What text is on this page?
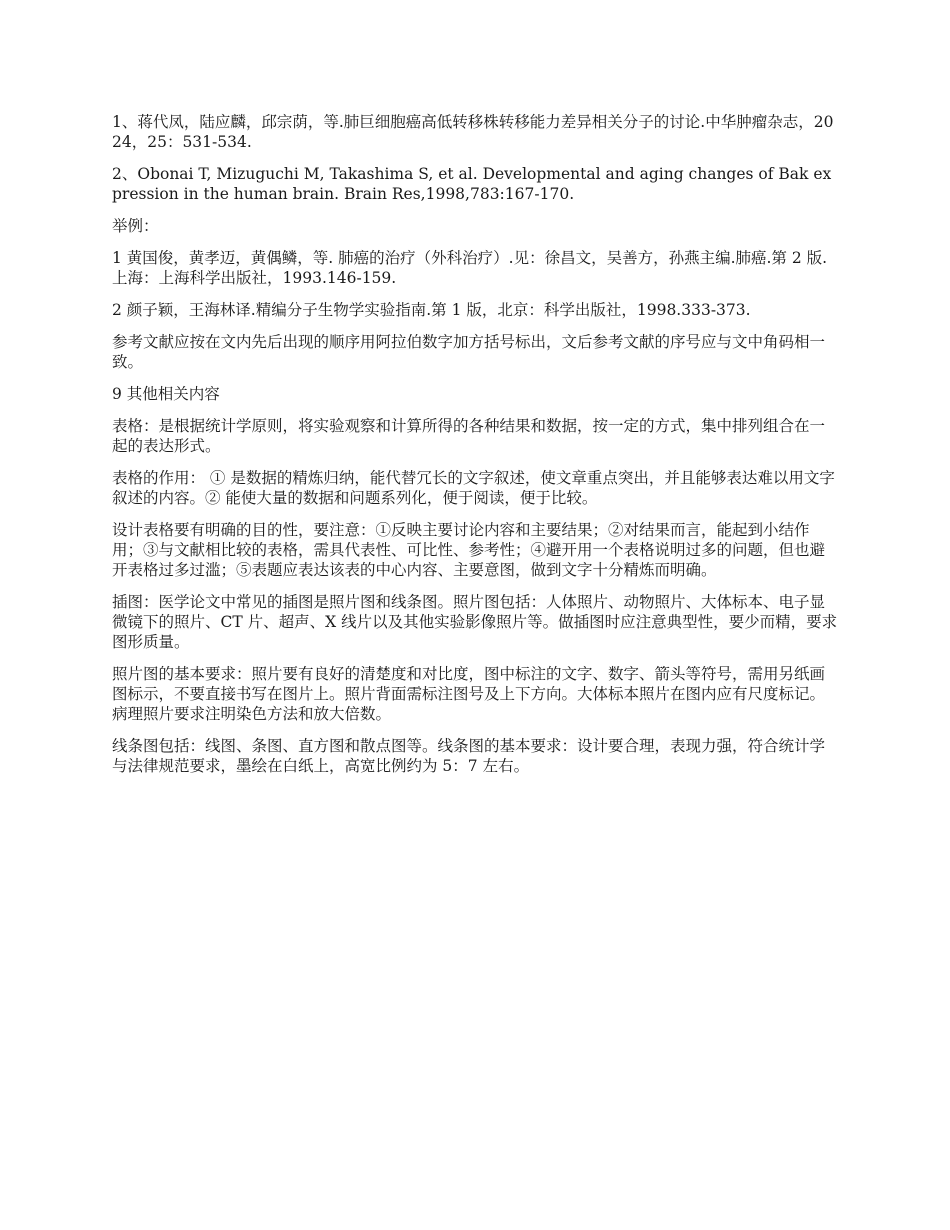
1、蒋代凤，陆应麟，邱宗荫，等.肺巨细胞癌高低转移株转移能力差异相关分子的讨论.中华肿瘤杂志，2024，25：531-534.

2、Obonai T, Mizuguchi M, Takashima S, et al. Developmental and aging changes of Bak expression in the human brain. Brain Res,1998,783:167-170.

举例：

1 黄国俊，黄孝迈，黄偶鳞，等. 肺癌的治疗（外科治疗）.见：徐昌文，吴善方，孙燕主编.肺癌.第 2 版.上海：上海科学出版社，1993.146-159.

2 颜子颖，王海林译.精编分子生物学实验指南.第 1 版，北京：科学出版社，1998.333-373.

参考文献应按在文内先后出现的顺序用阿拉伯数字加方括号标出，文后参考文献的序号应与文中角码相一致。

9 其他相关内容

表格：是根据统计学原则，将实验观察和计算所得的各种结果和数据，按一定的方式，集中排列组合在一起的表达形式。

表格的作用： ① 是数据的精炼归纳，能代替冗长的文字叙述，使文章重点突出，并且能够表达难以用文字叙述的内容。② 能使大量的数据和问题系列化，便于阅读，便于比较。

设计表格要有明确的目的性，要注意：①反映主要讨论内容和主要结果；②对结果而言，能起到小结作用；③与文献相比较的表格，需具代表性、可比性、参考性；④避开用一个表格说明过多的问题，但也避开表格过多过滥；⑤表题应表达该表的中心内容、主要意图，做到文字十分精炼而明确。

插图：医学论文中常见的插图是照片图和线条图。照片图包括：人体照片、动物照片、大体标本、电子显微镜下的照片、CT 片、超声、X 线片以及其他实验影像照片等。做插图时应注意典型性，要少而精，要求图形质量。

照片图的基本要求：照片要有良好的清楚度和对比度，图中标注的文字、数字、箭头等符号，需用另纸画图标示，不要直接书写在图片上。照片背面需标注图号及上下方向。大体标本照片在图内应有尺度标记。病理照片要求注明染色方法和放大倍数。

线条图包括：线图、条图、直方图和散点图等。线条图的基本要求：设计要合理，表现力强，符合统计学与法律规范要求，墨绘在白纸上，高宽比例约为 5：7 左右。
